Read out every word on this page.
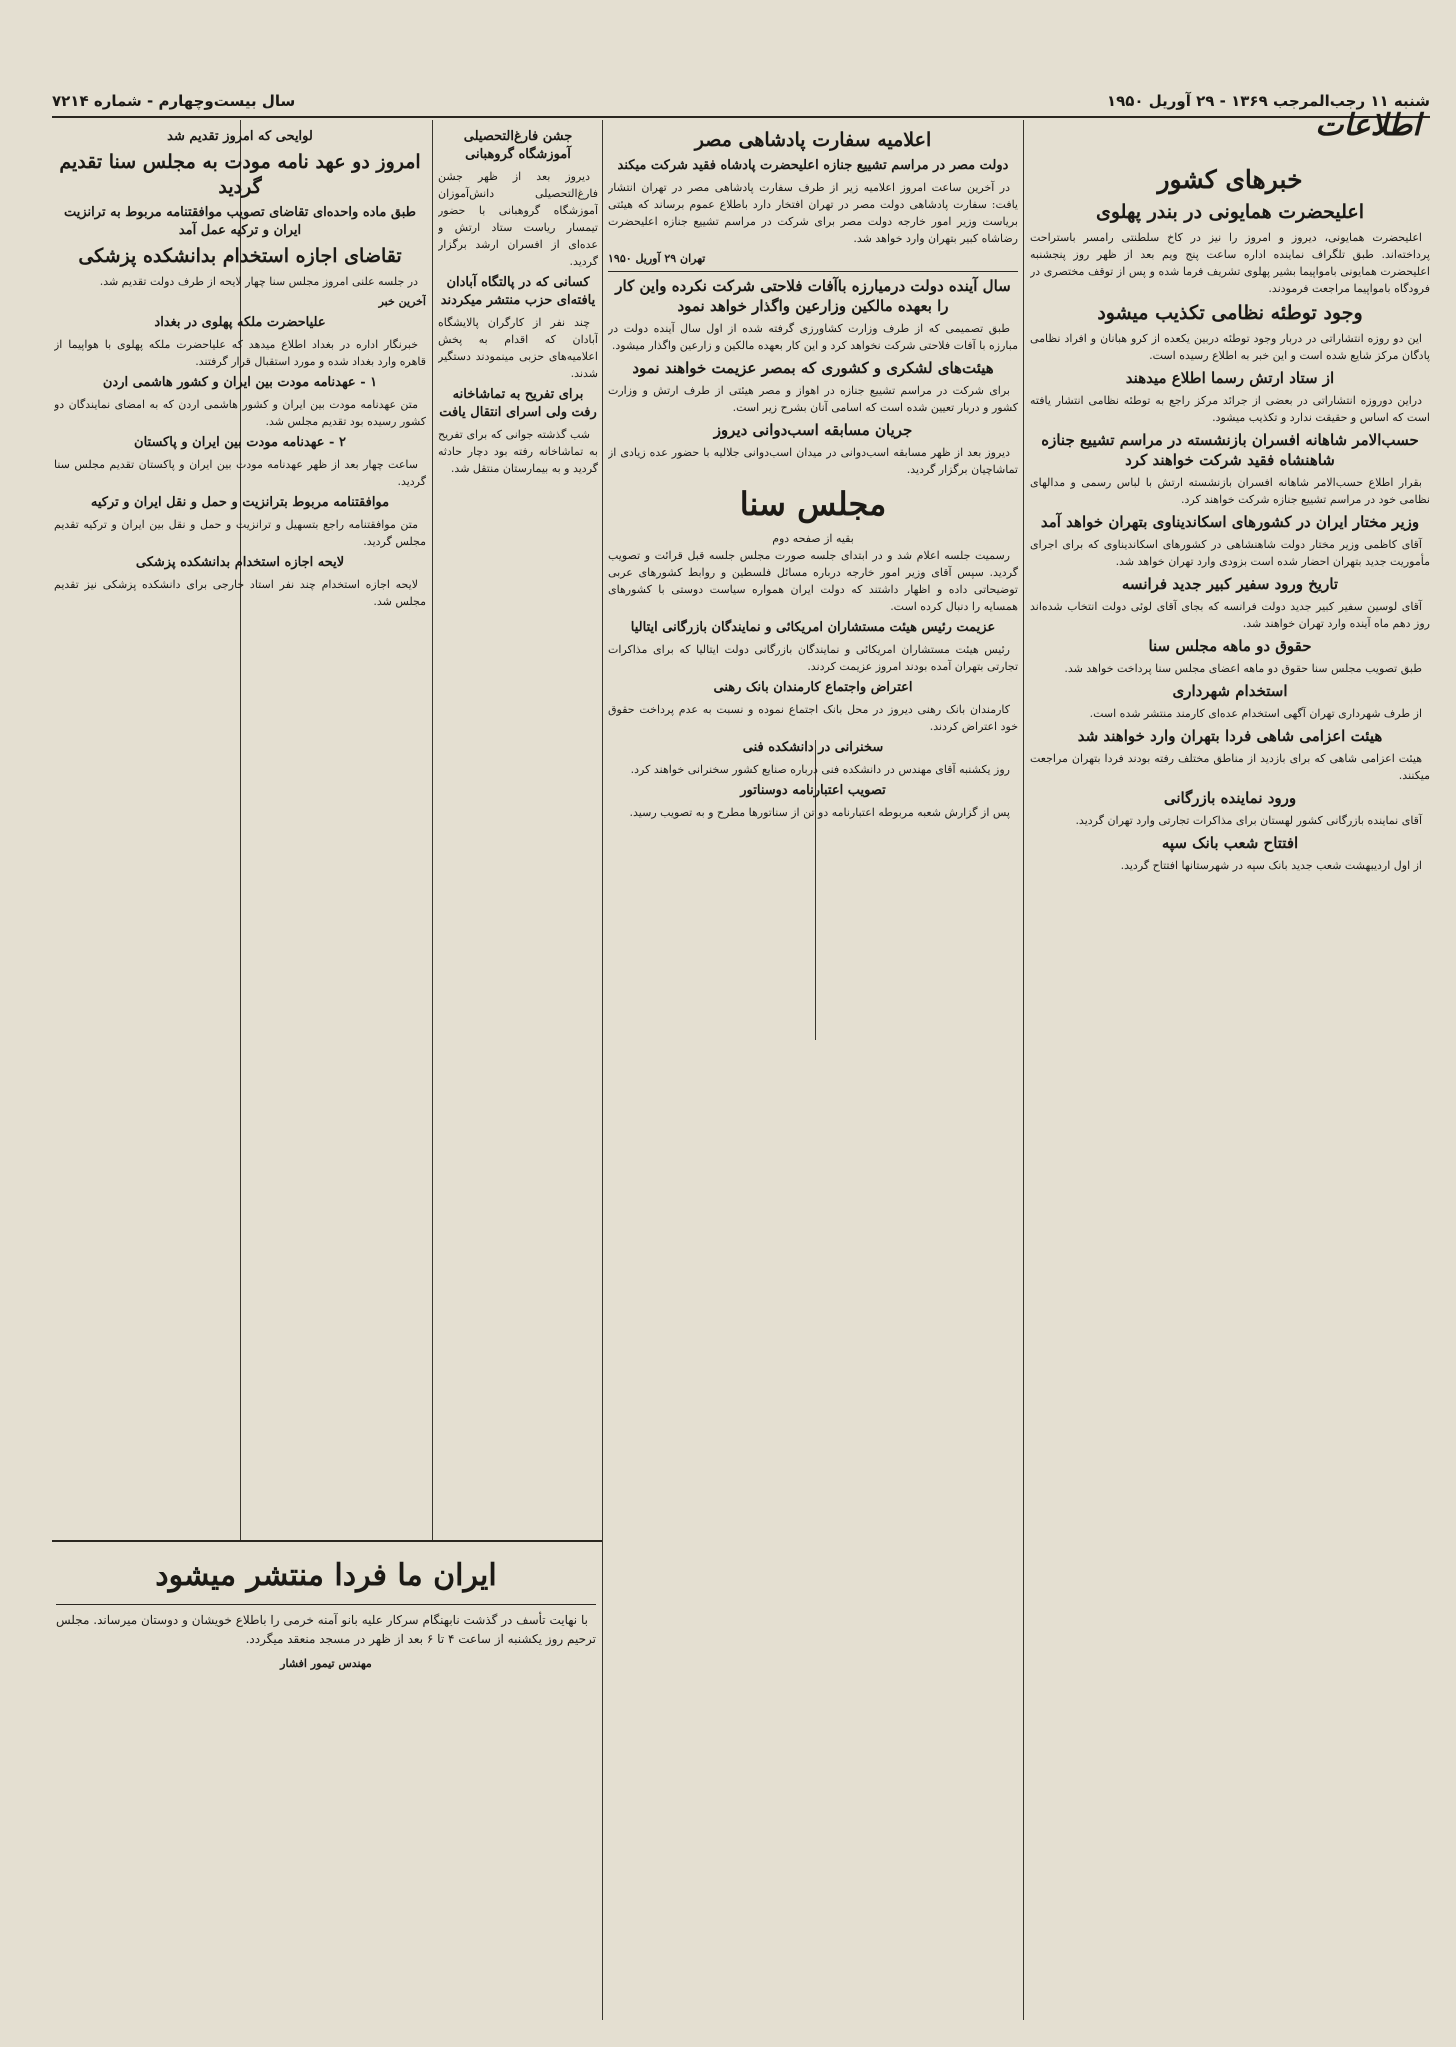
شنبه ۱۱ رجب‌المرجب ۱۳۶۹ - ۲۹ آوریل ۱۹۵۰
سال بیست‌وچهارم - شماره ۷۲۱۴
اطلاعات
خبرهای کشور
اعلیحضرت همایونی در بندر پهلوی

اعلیحضرت همایونی، دیروز و امروز را نیز در کاخ سلطنتی رامسر باستراحت پرداخته‌اند. طبق تلگراف نماینده اداره ساعت پنج ویم بعد از ظهر روز پنجشنبه اعلیحضرت همایونی بامواپیما بشیر پهلوی تشریف فرما شده و پس از توقف مختصری در فرودگاه بامواپیما مراجعت فرمودند.

وجود توطئه نظامی تکذیب میشود

این دو روزه انتشاراتی در دربار وجود توطئه دربین یکعده از کرو هبانان و افراد نظامی پادگان مرکز شایع شده است و این خبر به اطلاع رسیده است.

از ستاد ارتش رسما اطلاع میدهند

دراین دوروزه انتشاراتی در بعضی از جرائد مرکز راجع به توطئه نظامی انتشار یافته است که اساس و حقیقت ندارد و تکذیب میشود.

حسب‌الامر شاهانه افسران بازنشسته در مراسم تشییع جنازه شاهنشاه فقید شرکت خواهند کرد

بقرار اطلاع حسب‌الامر شاهانه افسران بازنشسته ارتش با لباس رسمی و مدالهای نظامی خود در مراسم تشییع جنازه شرکت خواهند کرد.

وزیر مختار ایران در کشورهای اسکاندیناوی بتهران خواهد آمد

آقای کاظمی وزیر مختار دولت شاهنشاهی در کشورهای اسکاندیناوی که برای اجرای مأموریت جدید بتهران احضار شده است بزودی وارد تهران خواهد شد.

تاریخ ورود سفیر کبیر جدید فرانسه

آقای لوسین سفیر کبیر جدید دولت فرانسه که بجای آقای لوئی دولت انتخاب شده‌اند روز دهم ماه آینده وارد تهران خواهند شد.

حقوق دو ماهه مجلس سنا

طبق تصویب مجلس سنا حقوق دو ماهه اعضای مجلس سنا پرداخت خواهد شد.

استخدام شهرداری

از طرف شهرداری تهران آگهی استخدام عده‌ای کارمند منتشر شده است.

هیئت اعزامی شاهی فردا بتهران وارد خواهند شد

هیئت اعزامی شاهی که برای بازدید از مناطق مختلف رفته بودند فردا بتهران مراجعت میکنند.

ورود نماینده بازرگانی

آقای نماینده بازرگانی کشور لهستان برای مذاکرات تجارتی وارد تهران گردید.

افتتاح شعب بانک سپه

از اول اردیبهشت شعب جدید بانک سپه در شهرستانها افتتاح گردید.

اعلامیه سفارت پادشاهی مصر
دولت مصر در مراسم تشییع جنازه اعلیحضرت پادشاه فقید شرکت میکند

در آخرین ساعت امروز اعلامیه زیر از طرف سفارت پادشاهی مصر در تهران انتشار یافت: سفارت پادشاهی دولت مصر در تهران افتخار دارد باطلاع عموم برساند که هیئتی بریاست وزیر امور خارجه دولت مصر برای شرکت در مراسم تشییع جنازه اعلیحضرت رضاشاه کبیر بتهران وارد خواهد شد.

تهران ۲۹ آوریل ۱۹۵۰
سال آینده دولت درمیارزه باآفات فلاحتی شرکت نکرده واین کار را بعهده مالکین وزارعین واگذار خواهد نمود

طبق تصمیمی که از طرف وزارت کشاورزی گرفته شده از اول سال آینده دولت در مبارزه با آفات فلاحتی شرکت نخواهد کرد و این کار بعهده مالکین و زارعین واگذار میشود.

هیئت‌های لشکری و کشوری که بمصر عزیمت خواهند نمود

برای شرکت در مراسم تشییع جنازه در اهواز و مصر هیئتی از طرف ارتش و وزارت کشور و دربار تعیین شده است که اسامی آنان بشرح زیر است.

جریان مسابقه اسب‌دوانی دیروز

دیروز بعد از ظهر مسابقه اسب‌دوانی در میدان اسب‌دوانی جلالیه با حضور عده زیادی از تماشاچیان برگزار گردید.

مجلس سنا
بقیه از صفحه دوم

رسمیت جلسه اعلام شد و در ابتدای جلسه صورت مجلس جلسه قبل قرائت و تصویب گردید. سپس آقای وزیر امور خارجه درباره مسائل فلسطین و روابط کشورهای عربی توضیحاتی داده و اظهار داشتند که دولت ایران همواره سیاست دوستی با کشورهای همسایه را دنبال کرده است.

عزیمت رئیس هیئت مستشاران امریکائی و نمایندگان بازرگانی ایتالیا

رئیس هیئت مستشاران امریکائی و نمایندگان بازرگانی دولت ایتالیا که برای مذاکرات تجارتی بتهران آمده بودند امروز عزیمت کردند.

اعتراض واجتماع کارمندان بانک رهنی

کارمندان بانک رهنی دیروز در محل بانک اجتماع نموده و نسبت به عدم پرداخت حقوق خود اعتراض کردند.

سخنرانی در دانشکده فنی

روز یکشنبه آقای مهندس در دانشکده فنی درباره صنایع کشور سخنرانی خواهند کرد.

تصویب اعتبارنامه دوسناتور

پس از گزارش شعبه مربوطه اعتبارنامه دو تن از سناتورها مطرح و به تصویب رسید.

جشن فارغ‌التحصیلی آموزشگاه گروهبانی

دیروز بعد از ظهر جشن فارغ‌التحصیلی دانش‌آموزان آموزشگاه گروهبانی با حضور تیمسار ریاست ستاد ارتش و عده‌ای از افسران ارشد برگزار گردید.

کسانی که در پالتگاه آبادان یافته‌ای حزب منتشر میکردند

چند نفر از کارگران پالایشگاه آبادان که اقدام به پخش اعلامیه‌های حزبی مینمودند دستگیر شدند.

برای تفریح به تماشاخانه رفت ولی اسرای انتقال یافت

شب گذشته جوانی که برای تفریح به تماشاخانه رفته بود دچار حادثه گردید و به بیمارستان منتقل شد.

لوایحی که امروز تقدیم شد
امروز دو عهد نامه مودت به مجلس سنا تقدیم گردید
طبق ماده واحده‌ای تقاضای تصویب موافقتنامه مربوط به ترانزیت ایران و ترکیه عمل آمد
تقاضای اجازه استخدام بدانشکده پزشکی

در جلسه علنی امروز مجلس سنا چهار لایحه از طرف دولت تقدیم شد.

آخرین خبر
علیاحضرت ملکه پهلوی در بغداد

خبرنگار اداره در بغداد اطلاع میدهد که علیاحضرت ملکه پهلوی با هواپیما از قاهره وارد بغداد شده و مورد استقبال قرار گرفتند.

۱ - عهدنامه مودت بین ایران و کشور هاشمی اردن

متن عهدنامه مودت بین ایران و کشور هاشمی اردن که به امضای نمایندگان دو کشور رسیده بود تقدیم مجلس شد.

۲ - عهدنامه مودت بین ایران و پاکستان

ساعت چهار بعد از ظهر عهدنامه مودت بین ایران و پاکستان تقدیم مجلس سنا گردید.

موافقتنامه مربوط بترانزیت و حمل و نقل ایران و ترکیه

متن موافقتنامه راجع بتسهیل و ترانزیت و حمل و نقل بین ایران و ترکیه تقدیم مجلس گردید.

لایحه اجازه استخدام بدانشکده پزشکی

لایحه اجازه استخدام چند نفر استاد خارجی برای دانشکده پزشکی نیز تقدیم مجلس شد.

ایران ما فردا منتشر میشود

با نهایت تأسف در گذشت نابهنگام سرکار علیه بانو آمنه خرمی را باطلاع خویشان و دوستان میرساند. مجلس ترحیم روز یکشنبه از ساعت ۴ تا ۶ بعد از ظهر در مسجد منعقد میگردد.

مهندس تیمور افشار
